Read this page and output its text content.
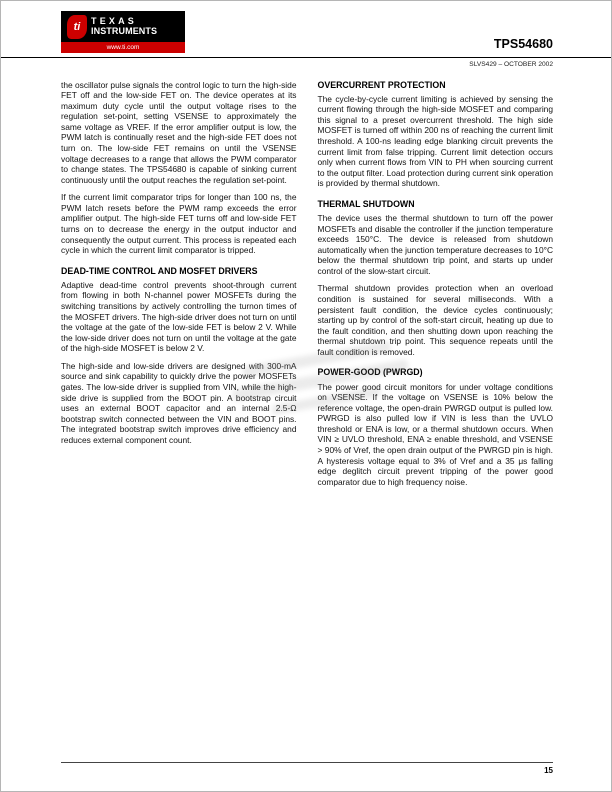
ti	TEXAS
INSTRUMENTS
www.ti.com	TPS54680
SLVS429 – OCTOBER 2002

the oscillator pulse signals the control logic to turn the high-side FET off and the low-side FET on. The device operates at its maximum duty cycle until the output voltage rises to the regulation set-point, setting VSENSE to approximately the same voltage as VREF. If the error amplifier output is low, the PWM latch is continually reset and the high-side FET does not turn on. The low-side FET remains on until the VSENSE voltage decreases to a range that allows the PWM comparator to change states. The TPS54680 is capable of sinking current continuously until the output reaches the regulation set-point.

If the current limit comparator trips for longer than 100 ns, the PWM latch resets before the PWM ramp exceeds the error amplifier output. The high-side FET turns off and low-side FET turns on to decrease the energy in the output inductor and consequently the output current. This process is repeated each cycle in which the current limit comparator is tripped.

DEAD-TIME CONTROL AND MOSFET DRIVERS

Adaptive dead-time control prevents shoot-through current from flowing in both N-channel power MOSFETs during the switching transitions by actively controlling the turnon times of the MOSFET drivers. The high-side driver does not turn on until the voltage at the gate of the low-side FET is below 2 V. While the low-side driver does not turn on until the voltage at the gate of the high-side MOSFET is below 2 V.

The high-side and low-side drivers are designed with 300-mA source and sink capability to quickly drive the power MOSFETs gates. The low-side driver is supplied from VIN, while the high-side drive is supplied from the BOOT pin. A bootstrap circuit uses an external BOOT capacitor and an internal 2.5-Ω bootstrap switch connected between the VIN and BOOT pins. The integrated bootstrap switch improves drive efficiency and reduces external component count.

OVERCURRENT PROTECTION

The cycle-by-cycle current limiting is achieved by sensing the current flowing through the high-side MOSFET and comparing this signal to a preset overcurrent threshold. The high side MOSFET is turned off within 200 ns of reaching the current limit threshold. A 100-ns leading edge blanking circuit prevents the current limit from false tripping. Current limit detection occurs only when current flows from VIN to PH when sourcing current to the output filter. Load protection during current sink operation is provided by thermal shutdown.

THERMAL SHUTDOWN

The device uses the thermal shutdown to turn off the power MOSFETs and disable the controller if the junction temperature exceeds 150°C. The device is released from shutdown automatically when the junction temperature decreases to 10°C below the thermal shutdown trip point, and starts up under control of the slow-start circuit.

Thermal shutdown provides protection when an overload condition is sustained for several milliseconds. With a persistent fault condition, the device cycles continuously; starting up by control of the soft-start circuit, heating up due to the fault condition, and then shutting down upon reaching the thermal shutdown trip point. This sequence repeats until the fault condition is removed.

POWER-GOOD (PWRGD)

The power good circuit monitors for under voltage conditions on VSENSE. If the voltage on VSENSE is 10% below the reference voltage, the open-drain PWRGD output is pulled low. PWRGD is also pulled low if VIN is less than the UVLO threshold or ENA is low, or a thermal shutdown occurs. When VIN ≥ UVLO threshold, ENA ≥ enable threshold, and VSENSE > 90% of Vref, the open drain output of the PWRGD pin is high. A hysteresis voltage equal to 3% of Vref and a 35 μs falling edge deglitch circuit prevent tripping of the power good comparator due to high frequency noise.

15
